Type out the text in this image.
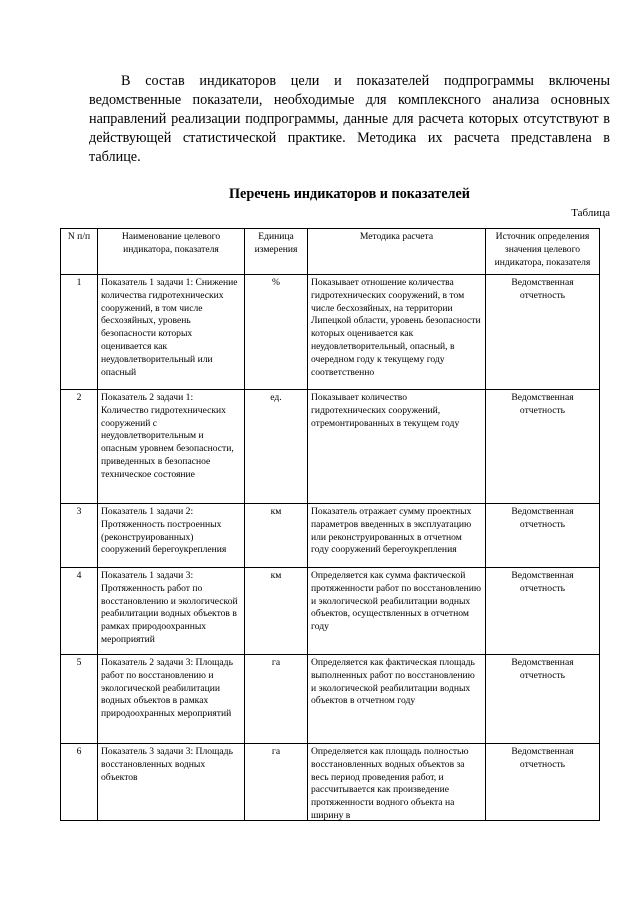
В состав индикаторов цели и показателей подпрограммы включены
ведомственные показатели, необходимые для комплексного анализа основных
направлений реализации подпрограммы, данные для расчета которых отсутствуют в
действующей статистической практике. Методика их расчета представлена в
таблице.
Перечень индикаторов и показателей
Таблица
N п/п	Наименование целевого индикатора, показателя	Единица измерения	Методика расчета	Источник определения значения целевого индикатора, показателя
1	Показатель 1 задачи 1: Снижение количества гидротехнических сооружений, в том числе бесхозяйных, уровень безопасности которых оценивается как неудовлетворительный или опасный	%	Показывает отношение количества гидротехнических сооружений, в том числе бесхозяйных, на территории Липецкой области, уровень безопасности которых оценивается как неудовлетворительный, опасный, в очередном году к текущему году соответственно	Ведомственная отчетность
2	Показатель 2 задачи 1: Количество гидротехнических сооружений с неудовлетворительным и опасным уровнем безопасности, приведенных в безопасное техническое состояние	ед.	Показывает количество гидротехнических сооружений, отремонтированных в текущем году	Ведомственная отчетность
3	Показатель 1 задачи 2: Протяженность построенных (реконструированных) сооружений берегоукрепления	км	Показатель отражает сумму проектных параметров введенных в эксплуатацию или реконструированных в отчетном году сооружений берегоукрепления	Ведомственная отчетность
4	Показатель 1 задачи 3: Протяженность работ по восстановлению и экологической реабилитации водных объектов в рамках природоохранных мероприятий	км	Определяется как сумма фактической протяженности работ по восстановлению и экологической реабилитации водных объектов, осуществленных в отчетном году	Ведомственная отчетность
5	Показатель 2 задачи 3: Площадь работ по восстановлению и экологической реабилитации водных объектов в рамках природоохранных мероприятий	га	Определяется как фактическая площадь выполненных работ по восстановлению и экологической реабилитации водных объектов в отчетном году	Ведомственная отчетность
6	Показатель 3 задачи 3: Площадь восстановленных водных объектов	га	Определяется как площадь полностью восстановленных водных объектов за весь период проведения работ, и рассчитывается как произведение протяженности водного объекта на ширину в	Ведомственная отчетность
